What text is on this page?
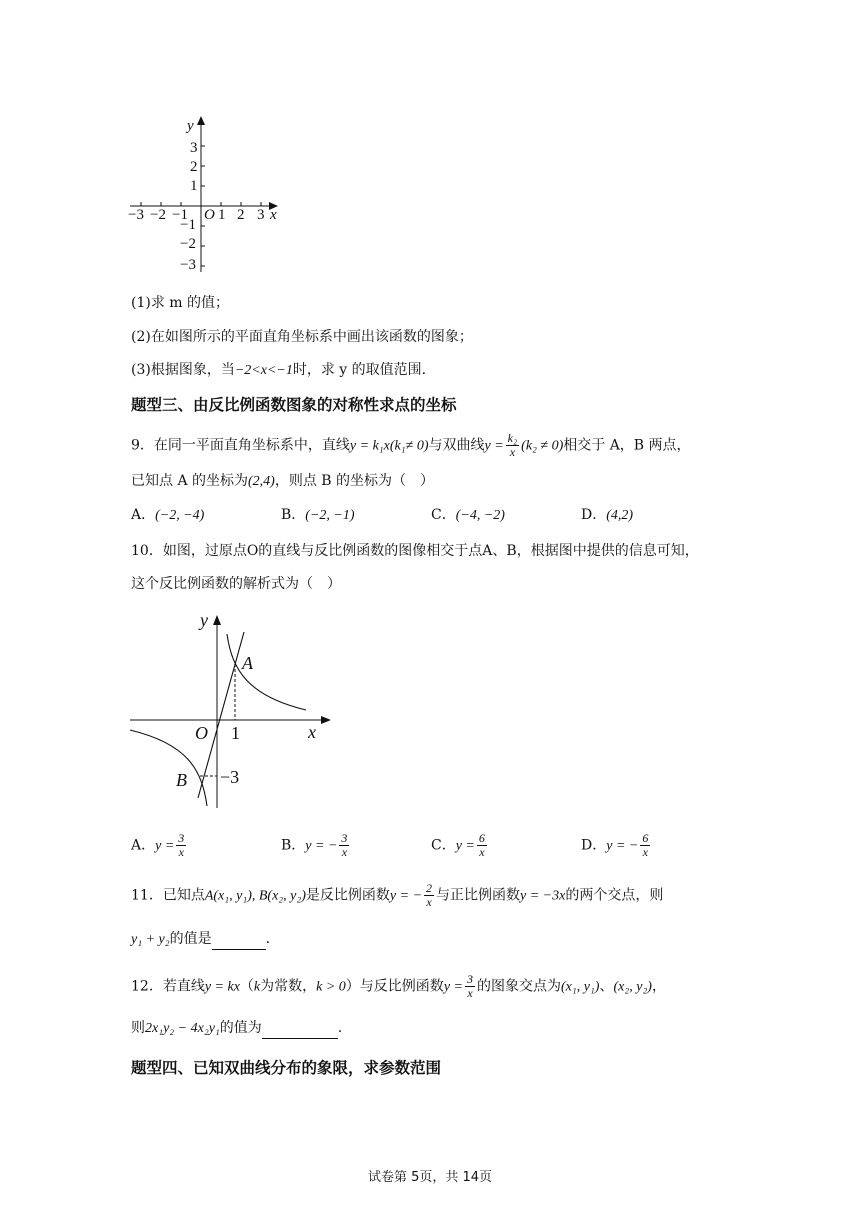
−3 −2 −1 O 1 2 3 x
y
3
2
1
−1
−2
−3
(1)求 m 的值；
(2)在如图所示的平面直角坐标系中画出该函数的图象；
(3)根据图象，当−2<x<−1时，求 y 的取值范围.
题型三、由反比例函数图象的对称性求点的坐标
9．在同一平面直角坐标系中，直线y = k₁x(k₁≠ 0)与双曲线$y = \frac{\text{k₂}}{x} (k_2 \ne 0)$相交于 A，B 两点，
已知点 A 的坐标为(2,4)，则点 B 的坐标为（　）
A．(−2, −4)	B．(−2, −1)	C．(−4, −2)	D．(4,2)
10．如图，过原点O的直线与反比例函数的图像相交于点A、B，根据图中提供的信息可知，
这个反比例函数的解析式为（　）
y
x
O
A
B
1
−3
A．$y = \frac{3}{x}$	B．y = − $\frac{3}{x}$	C．$y = \frac{6}{x}$	D．y = − $\frac{6}{x}$
11．已知点A(x₁, y₁), B(x₂, y₂)是反比例函数y = − $\frac{2}{x}$ 与正比例函数y = −3x的两个交点，则
y₁ + y₂的值是	.
12．若直线y = kx（k为常数，k > 0）与反比例函数$y = \frac{3}{x}$ 的图象交点为(x₁, y₁)、(x₂, y₂)，
则2x₁y₂ − 4x₂y₁的值为	.
题型四、已知双曲线分布的象限，求参数范围
试卷第 5页，共 14页
